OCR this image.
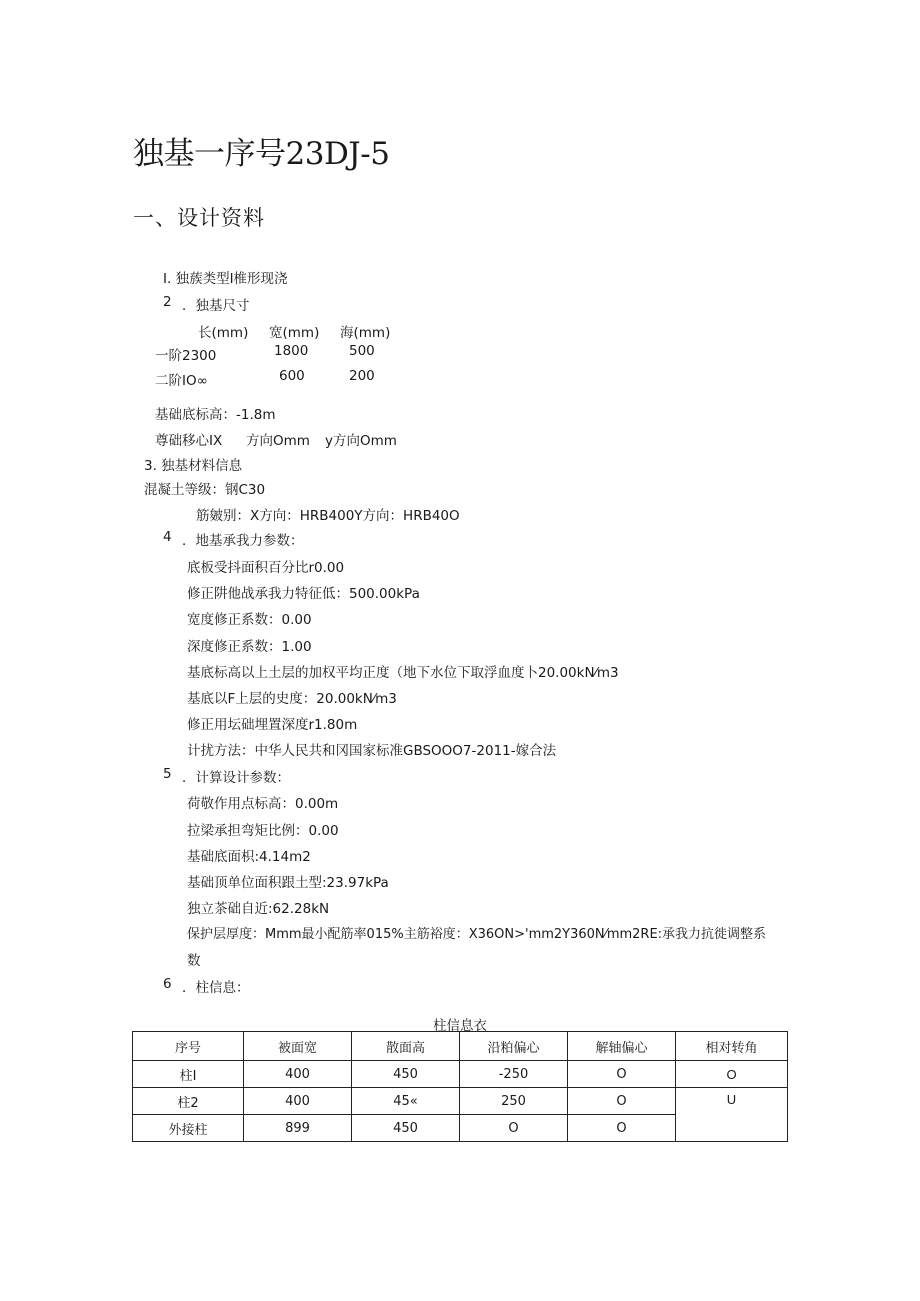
独基一序号23DJ-5
一、设计资料
I. 独蔟类型I椎形现浇
2 ．独基尺寸
长(mm) 宽(mm) 海(mm)
一阶2300	1800	500
二阶IO∞	600	200
基础底标高：-1.8m
尊础移心IX 方向Omm y方向Omm
3. 独基材料信息
混凝土等级：钢C30
筋皴别：X方向：HRB400Y方向：HRB40O
4 ．地基承我力参数：
底板受抖面积百分比r0.00
修正阱他战承我力特征低：500.00kPa
宽度修正系数：0.00
深度修正系数：1.00
基底标高以上土层的加权平均正度（地下水位下取浮血度卜20.00kN⁄m3
基底以F上层的史度：20.00kN⁄m3
修正用坛础埋置深度r1.80m
计扰方法：中华人民共和冈国家标准GBSOOO7-2011-嫁合法
5 ．计算设计参数：
荷敬作用点标高：0.00m
拉梁承担弯矩比例：0.00
基础底面枳:4.14m2
基础顶单位面积跟土型:23.97kPa
独立茶础自近:62.28kN
保护层厚度：Mmm最小配筋率015%主筋裕度：X36ON>'mm2Y360N⁄mm2RE:承我力抗徙调整系
数
6 ．柱信息：
柱信息衣
序号	被面宽	散面高	沿粕偏心	解轴偏心	相对转角
柱I	400	450	-250	O	O
柱2	400	45«	250	O	U
外接柱	899	450	O	O	
